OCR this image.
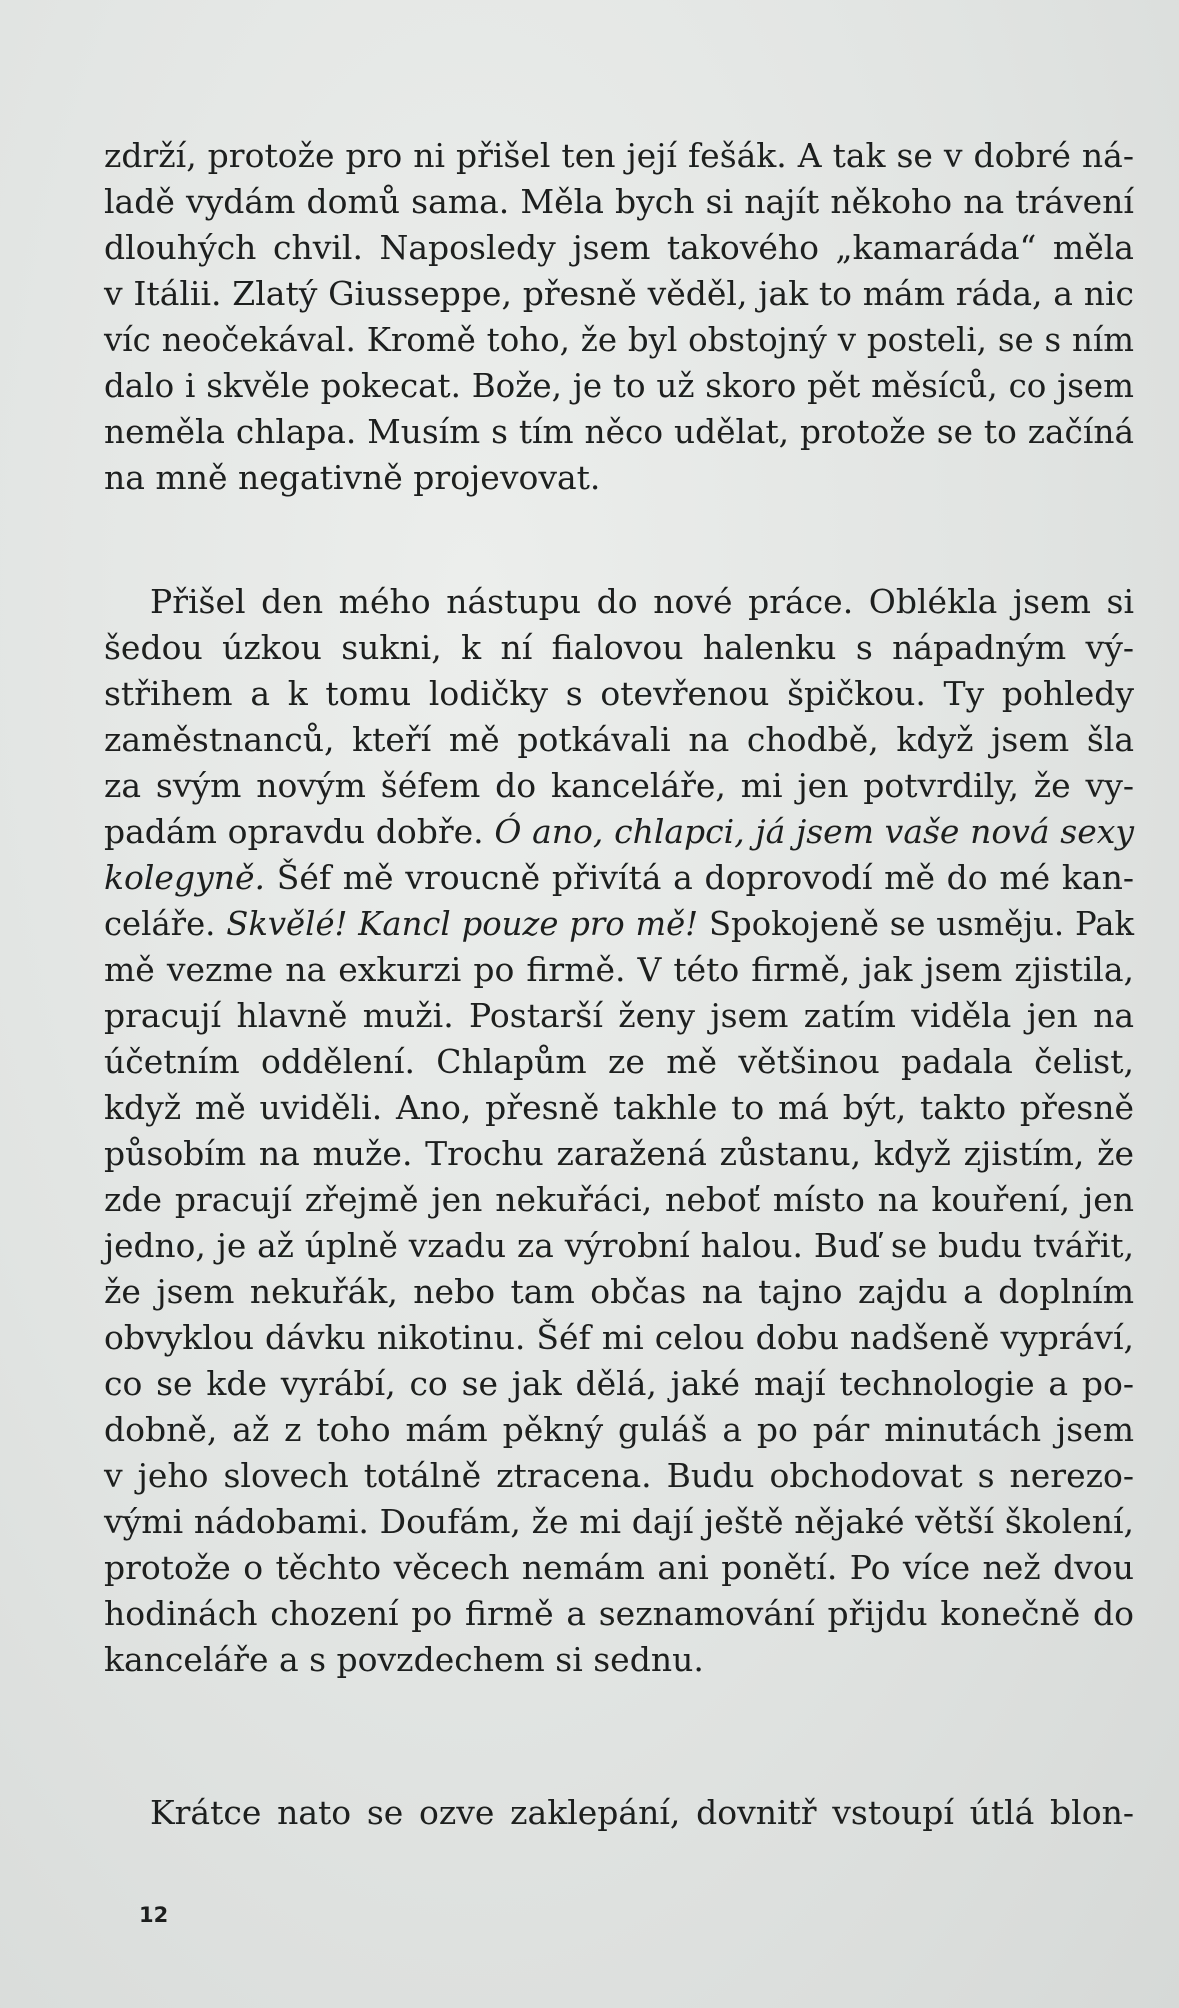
zdrží, protože pro ni přišel ten její fešák. A tak se v dobré ná-
ladě vydám domů sama. Měla bych si najít někoho na trávení
dlouhých chvil. Naposledy jsem takového „kamaráda“ měla
v Itálii. Zlatý Giusseppe, přesně věděl, jak to mám ráda, a nic
víc neočekával. Kromě toho, že byl obstojný v posteli, se s ním
dalo i skvěle pokecat. Bože, je to už skoro pět měsíců, co jsem
neměla chlapa. Musím s tím něco udělat, protože se to začíná
na mně negativně projevovat.
Přišel den mého nástupu do nové práce. Oblékla jsem si
šedou úzkou sukni, k ní fialovou halenku s nápadným vý-
střihem a k tomu lodičky s otevřenou špičkou. Ty pohledy
zaměstnanců, kteří mě potkávali na chodbě, když jsem šla
za svým novým šéfem do kanceláře, mi jen potvrdily, že vy-
padám opravdu dobře. Ó ano, chlapci, já jsem vaše nová sexy
kolegyně. Šéf mě vroucně přivítá a doprovodí mě do mé kan-
celáře. Skvělé! Kancl pouze pro mě! Spokojeně se usměju. Pak
mě vezme na exkurzi po firmě. V této firmě, jak jsem zjistila,
pracují hlavně muži. Postarší ženy jsem zatím viděla jen na
účetním oddělení. Chlapům ze mě většinou padala čelist,
když mě uviděli. Ano, přesně takhle to má být, takto přesně
působím na muže. Trochu zaražená zůstanu, když zjistím, že
zde pracují zřejmě jen nekuřáci, neboť místo na kouření, jen
jedno, je až úplně vzadu za výrobní halou. Buď se budu tvářit,
že jsem nekuřák, nebo tam občas na tajno zajdu a doplním
obvyklou dávku nikotinu. Šéf mi celou dobu nadšeně vypráví,
co se kde vyrábí, co se jak dělá, jaké mají technologie a po-
dobně, až z toho mám pěkný guláš a po pár minutách jsem
v jeho slovech totálně ztracena. Budu obchodovat s nerezo-
vými nádobami. Doufám, že mi dají ještě nějaké větší školení,
protože o těchto věcech nemám ani ponětí. Po více než dvou
hodinách chození po firmě a seznamování přijdu konečně do
kanceláře a s povzdechem si sednu.
Krátce nato se ozve zaklepání, dovnitř vstoupí útlá blon-
12
